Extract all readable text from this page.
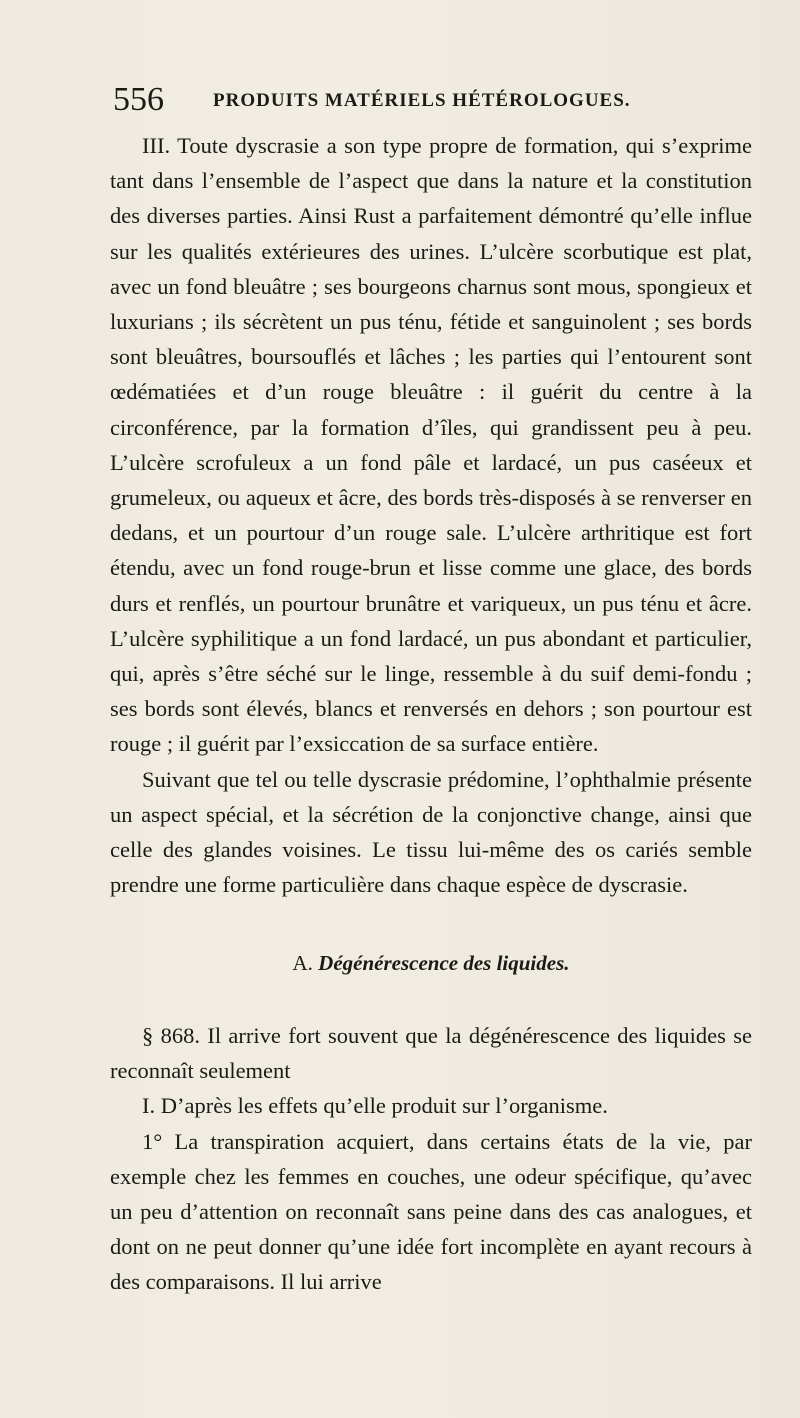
556	PRODUITS MATÉRIELS HÉTÉROLOGUES.

III. Toute dyscrasie a son type propre de formation, qui s’exprime tant dans l’ensemble de l’aspect que dans la nature et la constitution des diverses parties. Ainsi Rust a parfaitement démontré qu’elle influe sur les qualités extérieures des urines. L’ulcère scorbutique est plat, avec un fond bleuâtre ; ses bourgeons charnus sont mous, spongieux et luxurians ; ils sécrètent un pus ténu, fétide et sanguinolent ; ses bords sont bleuâtres, boursouflés et lâches ; les parties qui l’entourent sont œdématiées et d’un rouge bleuâtre : il guérit du centre à la circonférence, par la formation d’îles, qui grandissent peu à peu. L’ulcère scrofuleux a un fond pâle et lardacé, un pus caséeux et grumeleux, ou aqueux et âcre, des bords très-disposés à se renverser en dedans, et un pourtour d’un rouge sale. L’ulcère arthritique est fort étendu, avec un fond rouge-brun et lisse comme une glace, des bords durs et renflés, un pourtour brunâtre et variqueux, un pus ténu et âcre. L’ulcère syphilitique a un fond lardacé, un pus abondant et particulier, qui, après s’être séché sur le linge, ressemble à du suif demi-fondu ; ses bords sont élevés, blancs et renversés en dehors ; son pourtour est rouge ; il guérit par l’exsiccation de sa surface entière.

Suivant que tel ou telle dyscrasie prédomine, l’ophthalmie présente un aspect spécial, et la sécrétion de la conjonctive change, ainsi que celle des glandes voisines. Le tissu lui-même des os cariés semble prendre une forme particulière dans chaque espèce de dyscrasie.

A. Dégénérescence des liquides.

§ 868. Il arrive fort souvent que la dégénérescence des liquides se reconnaît seulement

I. D’après les effets qu’elle produit sur l’organisme.

1° La transpiration acquiert, dans certains états de la vie, par exemple chez les femmes en couches, une odeur spécifique, qu’avec un peu d’attention on reconnaît sans peine dans des cas analogues, et dont on ne peut donner qu’une idée fort incomplète en ayant recours à des comparaisons. Il lui arrive
